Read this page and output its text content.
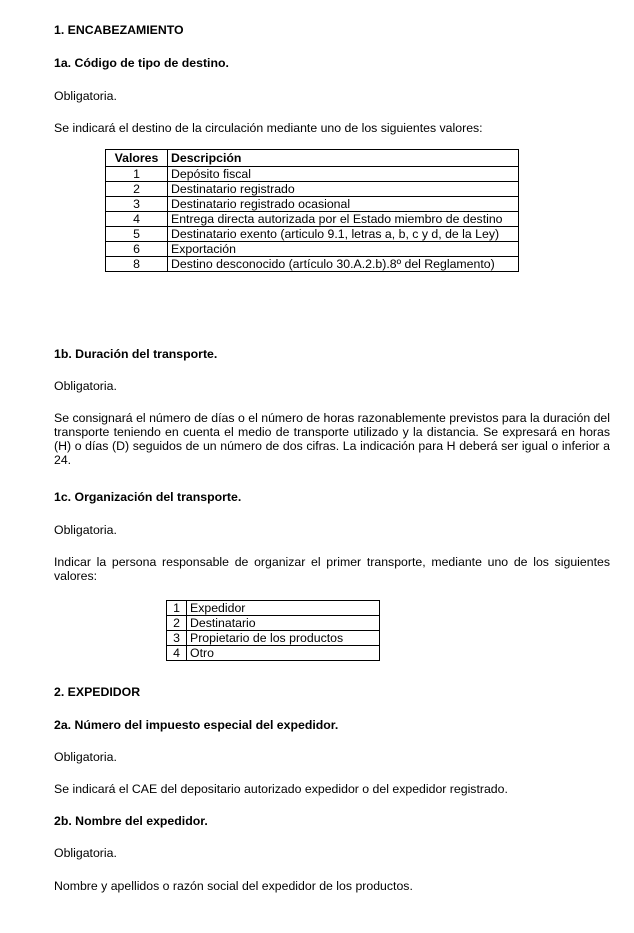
1. ENCABEZAMIENTO
1a. Código de tipo de destino.
Obligatoria.
Se indicará el destino de la circulación mediante uno de los siguientes valores:
Valores	Descripción
1	Depósito fiscal
2	Destinatario registrado
3	Destinatario registrado ocasional
4	Entrega directa autorizada por el Estado miembro de destino
5	Destinatario exento (articulo 9.1, letras a, b, c y d, de la Ley)
6	Exportación
8	Destino desconocido (artículo 30.A.2.b).8º del Reglamento)
1b. Duración del transporte.
Obligatoria.
Se consignará el número de días o el número de horas razonablemente previstos para la duración del transporte teniendo en cuenta el medio de transporte utilizado y la distancia. Se expresará en horas (H) o días (D) seguidos de un número de dos cifras. La indicación para H deberá ser igual o inferior a 24.
1c. Organización del transporte.
Obligatoria.
Indicar la persona responsable de organizar el primer transporte, mediante uno de los siguientes valores:
1	Expedidor
2	Destinatario
3	Propietario de los productos
4	Otro
2. EXPEDIDOR
2a. Número del impuesto especial del expedidor.
Obligatoria.
Se indicará el CAE del depositario autorizado expedidor o del expedidor registrado.
2b. Nombre del expedidor.
Obligatoria.
Nombre y apellidos o razón social del expedidor de los productos.
